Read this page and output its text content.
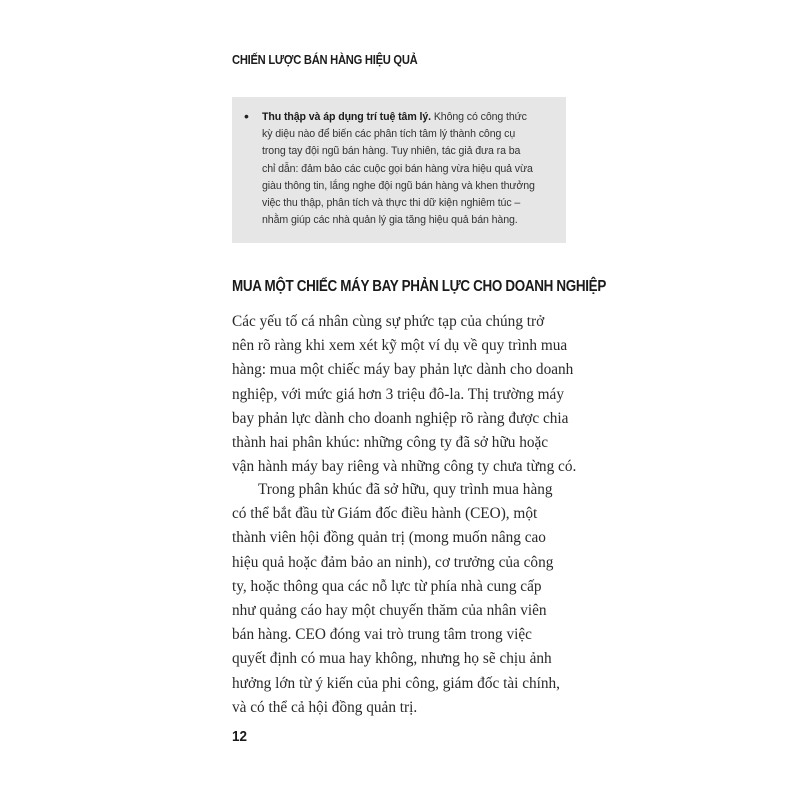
CHIẾN LƯỢC BÁN HÀNG HIỆU QUẢ
• Thu thập và áp dụng trí tuệ tâm lý. Không có công thức
kỳ diệu nào để biến các phân tích tâm lý thành công cụ
trong tay đội ngũ bán hàng. Tuy nhiên, tác giả đưa ra ba
chỉ dẫn: đảm bảo các cuộc gọi bán hàng vừa hiệu quả vừa
giàu thông tin, lắng nghe đội ngũ bán hàng và khen thưởng
việc thu thập, phân tích và thực thi dữ kiện nghiêm túc –
nhằm giúp các nhà quản lý gia tăng hiệu quả bán hàng.
MUA MỘT CHIẾC MÁY BAY PHẢN LỰC CHO DOANH NGHIỆP
Các yếu tố cá nhân cùng sự phức tạp của chúng trở
nên rõ ràng khi xem xét kỹ một ví dụ về quy trình mua
hàng: mua một chiếc máy bay phản lực dành cho doanh
nghiệp, với mức giá hơn 3 triệu đô-la. Thị trường máy
bay phản lực dành cho doanh nghiệp rõ ràng được chia
thành hai phân khúc: những công ty đã sở hữu hoặc
vận hành máy bay riêng và những công ty chưa từng có.
Trong phân khúc đã sở hữu, quy trình mua hàng
có thể bắt đầu từ Giám đốc điều hành (CEO), một
thành viên hội đồng quản trị (mong muốn nâng cao
hiệu quả hoặc đảm bảo an ninh), cơ trưởng của công
ty, hoặc thông qua các nỗ lực từ phía nhà cung cấp
như quảng cáo hay một chuyến thăm của nhân viên
bán hàng. CEO đóng vai trò trung tâm trong việc
quyết định có mua hay không, nhưng họ sẽ chịu ảnh
hưởng lớn từ ý kiến của phi công, giám đốc tài chính,
và có thể cả hội đồng quản trị.
12
